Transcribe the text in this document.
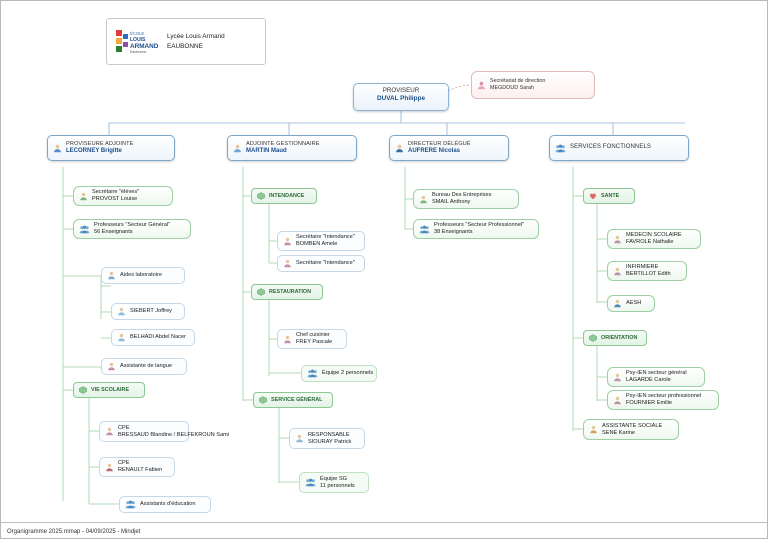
ÉCOLE
LOUIS
ARMAND
Eaubonne
Lycée Louis Armand
EAUBONNE
PROVISEUR
DUVAL Philippe
Secrétariat de direction
MEGDOUD Sarah
PROVISEURE ADJOINTE
LECORNEY Brigitte
ADJOINTE GESTIONNAIRE
MARTIN Maud
DIRECTEUR DÉLÉGUÉ
AUFRERE Nicolas
SERVICES FONCTIONNELS
Secrétaire "élèves"
PROVOST Louise
Professeurs "Secteur Général"
56 Enseignants
Aides laboratoire
SIEBERT Joffrey
BELHADI Abdel Nacer
Assistante de langue
VIE SCOLAIRE
CPE
BRESSAUD Blandine / BELFEKROUN Sami
CPE
RENAULT Fabien
Assistants d'éducation
INTENDANCE
Secrétaire "Intendance"
BOMBEN Amele
Secrétaire "Intendance"
RESTAURATION
Chef cuisinier
FREY Pascale
Équipe 2 personnels
SERVICE GÉNÉRAL
RESPONSABLE
SIOURAY Patrick
Équipe SG
11 personnels
Bureau Des Entreprises
SMAIL Anthony
Professeurs "Secteur Professionnel"
38 Enseignants
SANTE
MEDECIN SCOLAIRE
FAVROLE Nathalie
INFIRMIERE
BERTILLOT Edith
AESH
ORIENTATION
Psy-IEN secteur général
LAGARDE Carole
Psy-IEN secteur professionnel
FOURNIER Emilie
ASSISTANTE SOCIALE
SENE Karine
Organigramme 2025.mmap - 04/09/2025 - Mindjet
